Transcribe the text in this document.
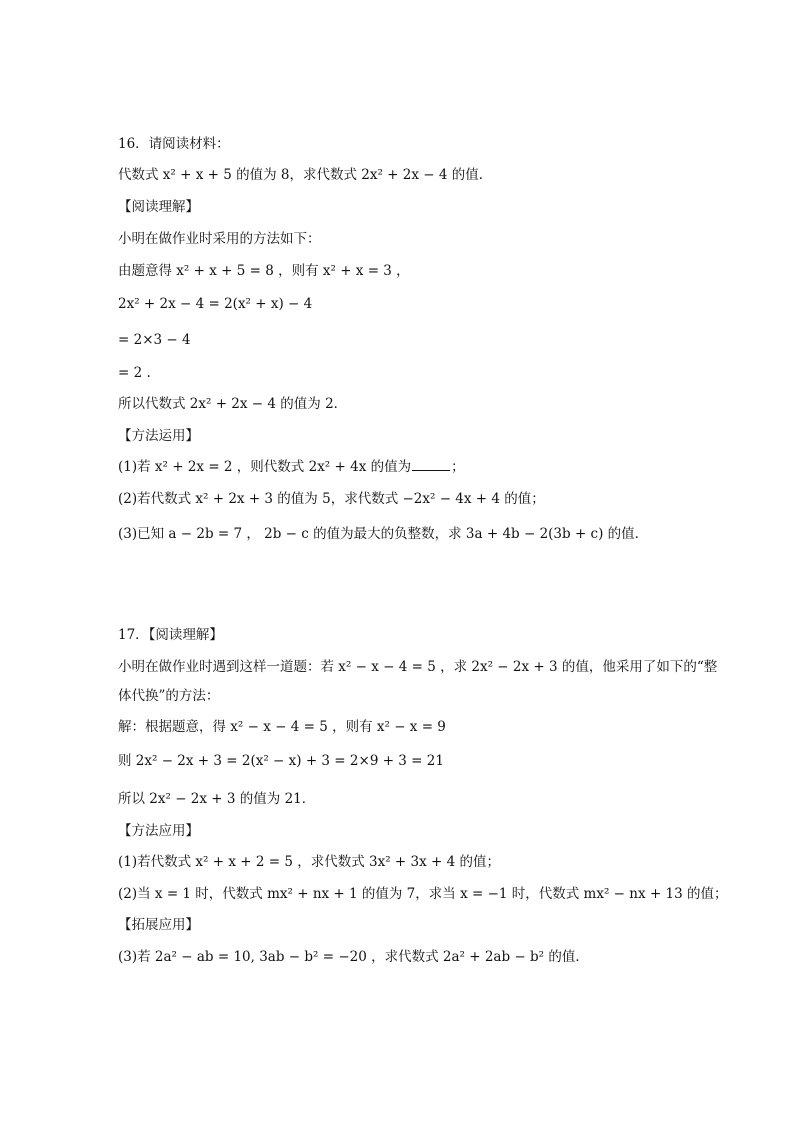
16．请阅读材料：
代数式 x² + x + 5 的值为 8，求代数式 2x² + 2x − 4 的值．
【阅读理解】
小明在做作业时采用的方法如下：
由题意得 x² + x + 5 = 8 ，则有 x² + x = 3 ，
2x² + 2x − 4 = 2(x² + x) − 4
= 2×3 − 4
= 2 .
所以代数式 2x² + 2x − 4 的值为 2．
【方法运用】
(1)若 x² + 2x = 2 ，则代数式 2x² + 4x 的值为	；
(2)若代数式 x² + 2x + 3 的值为 5，求代数式 −2x² − 4x + 4 的值；
(3)已知 a − 2b = 7 ， 2b − c 的值为最大的负整数，求 3a + 4b − 2(3b + c) 的值．
17．【阅读理解】
小明在做作业时遇到这样一道题：若 x² − x − 4 = 5 ，求 2x² − 2x + 3 的值，他采用了如下的“整
体代换”的方法：
解：根据题意，得 x² − x − 4 = 5 ，则有 x² − x = 9
则 2x² − 2x + 3 = 2(x² − x) + 3 = 2×9 + 3 = 21
所以 2x² − 2x + 3 的值为 21．
【方法应用】
(1)若代数式 x² + x + 2 = 5 ，求代数式 3x² + 3x + 4 的值；
(2)当 x = 1 时，代数式 mx² + nx + 1 的值为 7，求当 x = −1 时，代数式 mx² − nx + 13 的值；
【拓展应用】
(3)若 2a² − ab = 10, 3ab − b² = −20 ，求代数式 2a² + 2ab − b² 的值．
